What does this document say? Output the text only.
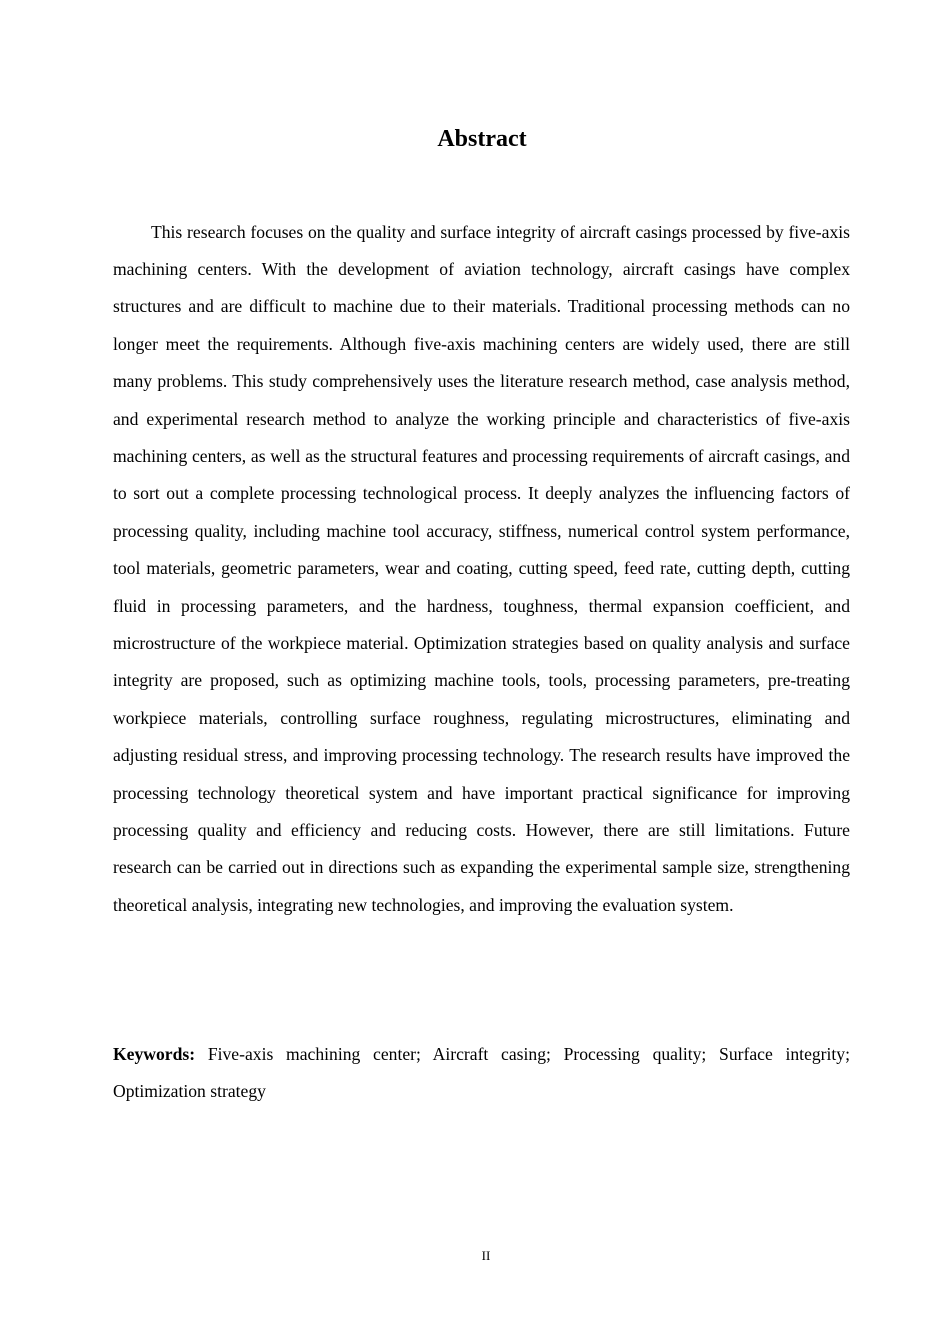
Abstract

This research focuses on the quality and surface integrity of aircraft casings processed by five-axis machining centers. With the development of aviation technology, aircraft casings have complex structures and are difficult to machine due to their materials. Traditional processing methods can no longer meet the requirements. Although five-axis machining centers are widely used, there are still many problems. This study comprehensively uses the literature research method, case analysis method, and experimental research method to analyze the working principle and characteristics of five-axis machining centers, as well as the structural features and processing requirements of aircraft casings, and to sort out a complete processing technological process. It deeply analyzes the influencing factors of processing quality, including machine tool accuracy, stiffness, numerical control system performance, tool materials, geometric parameters, wear and coating, cutting speed, feed rate, cutting depth, cutting fluid in processing parameters, and the hardness, toughness, thermal expansion coefficient, and microstructure of the workpiece material. Optimization strategies based on quality analysis and surface integrity are proposed, such as optimizing machine tools, tools, processing parameters, pre-treating workpiece materials, controlling surface roughness, regulating microstructures, eliminating and adjusting residual stress, and improving processing technology. The research results have improved the processing technology theoretical system and have important practical significance for improving processing quality and efficiency and reducing costs. However, there are still limitations. Future research can be carried out in directions such as expanding the experimental sample size, strengthening theoretical analysis, integrating new technologies, and improving the evaluation system.

Keywords: Five-axis machining center; Aircraft casing; Processing quality; Surface integrity; Optimization strategy

II
